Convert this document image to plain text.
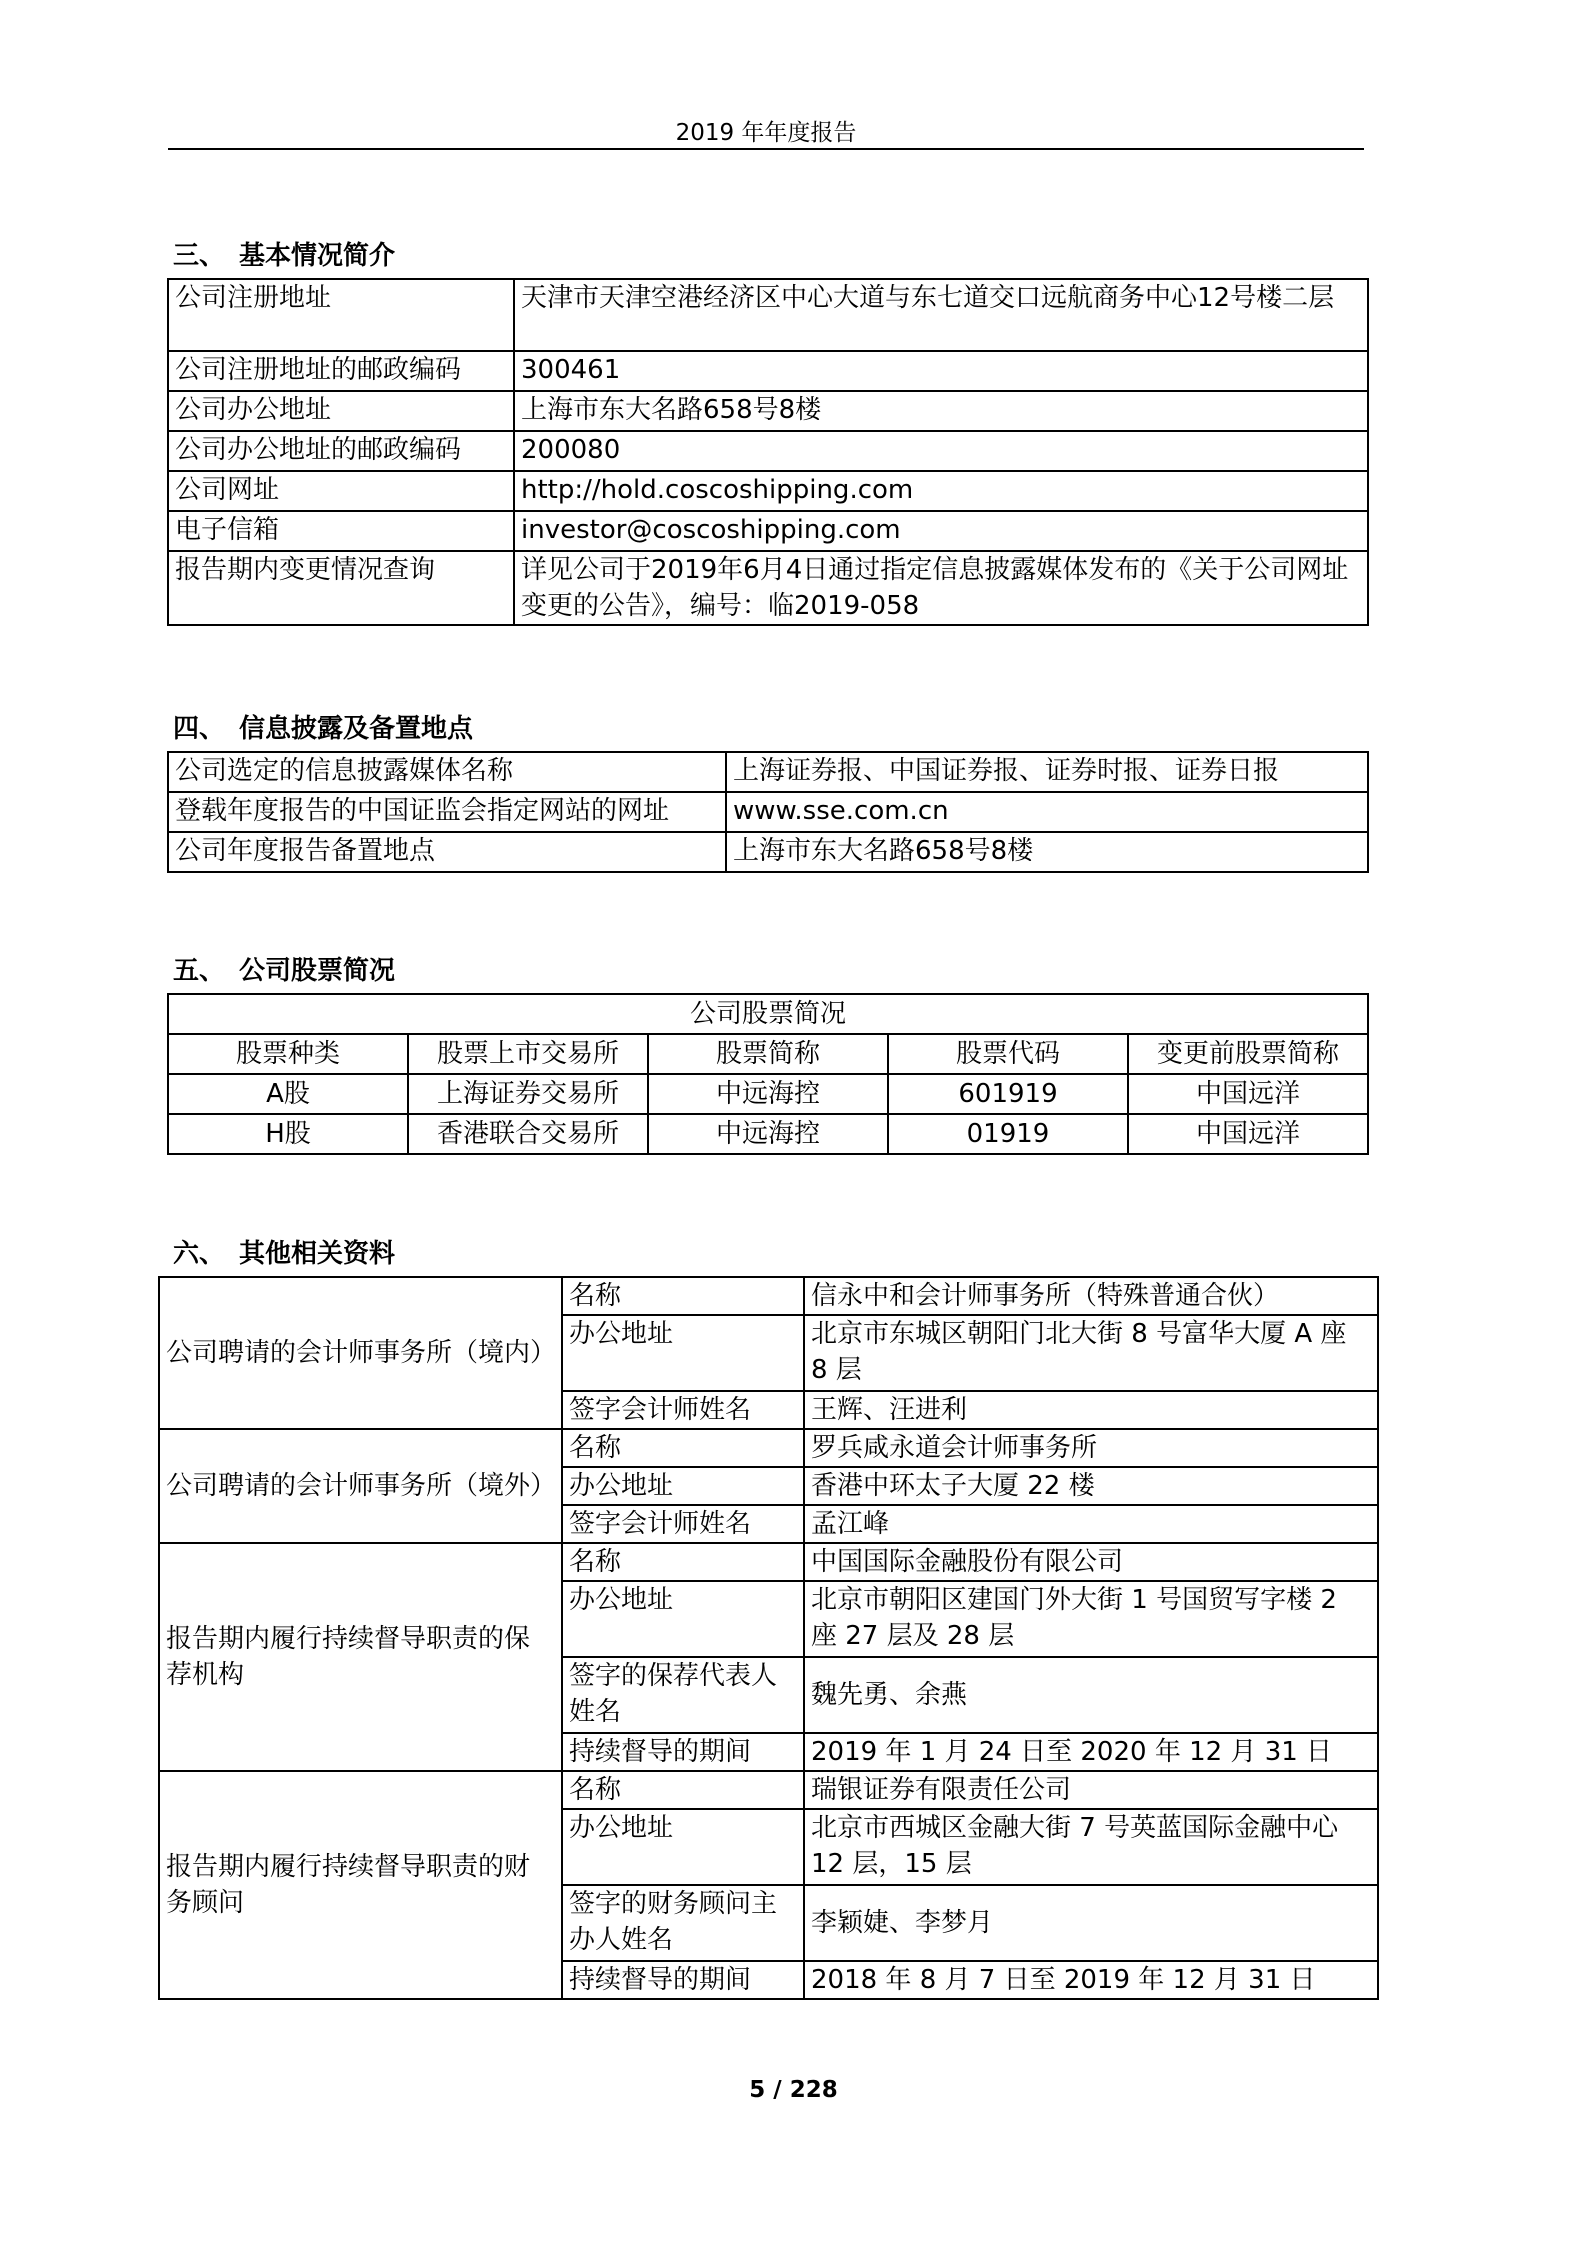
2019 年年度报告
三、 基本情况简介
公司注册地址	天津市天津空港经济区中心大道与东七道交口远航商务中心12号楼二层
公司注册地址的邮政编码	300461
公司办公地址	上海市东大名路658号8楼
公司办公地址的邮政编码	200080
公司网址	http://hold.coscoshipping.com
电子信箱	investor@coscoshipping.com
报告期内变更情况查询	详见公司于2019年6月4日通过指定信息披露媒体发布的《关于公司网址变更的公告》，编号：临2019-058
四、 信息披露及备置地点
公司选定的信息披露媒体名称	上海证券报、中国证券报、证券时报、证券日报
登载年度报告的中国证监会指定网站的网址	www.sse.com.cn
公司年度报告备置地点	上海市东大名路658号8楼
五、 公司股票简况
公司股票简况				
股票种类	股票上市交易所	股票简称	股票代码	变更前股票简称
A股	上海证券交易所	中远海控	601919	中国远洋
H股	香港联合交易所	中远海控	01919	中国远洋
六、 其他相关资料
公司聘请的会计师事务所（境内）	名称	信永中和会计师事务所（特殊普通合伙）
	办公地址	北京市东城区朝阳门北大街 8 号富华大厦 A 座 8 层
	签字会计师姓名	王辉、汪进利
公司聘请的会计师事务所（境外）	名称	罗兵咸永道会计师事务所
	办公地址	香港中环太子大厦 22 楼
	签字会计师姓名	孟江峰
报告期内履行持续督导职责的保荐机构	名称	中国国际金融股份有限公司
	办公地址	北京市朝阳区建国门外大街 1 号国贸写字楼 2 座 27 层及 28 层
	签字的保荐代表人姓名	魏先勇、余燕
	持续督导的期间	2019 年 1 月 24 日至 2020 年 12 月 31 日
报告期内履行持续督导职责的财务顾问	名称	瑞银证券有限责任公司
	办公地址	北京市西城区金融大街 7 号英蓝国际金融中心 12 层，15 层
	签字的财务顾问主办人姓名	李颖婕、李梦月
	持续督导的期间	2018 年 8 月 7 日至 2019 年 12 月 31 日
5 / 228
